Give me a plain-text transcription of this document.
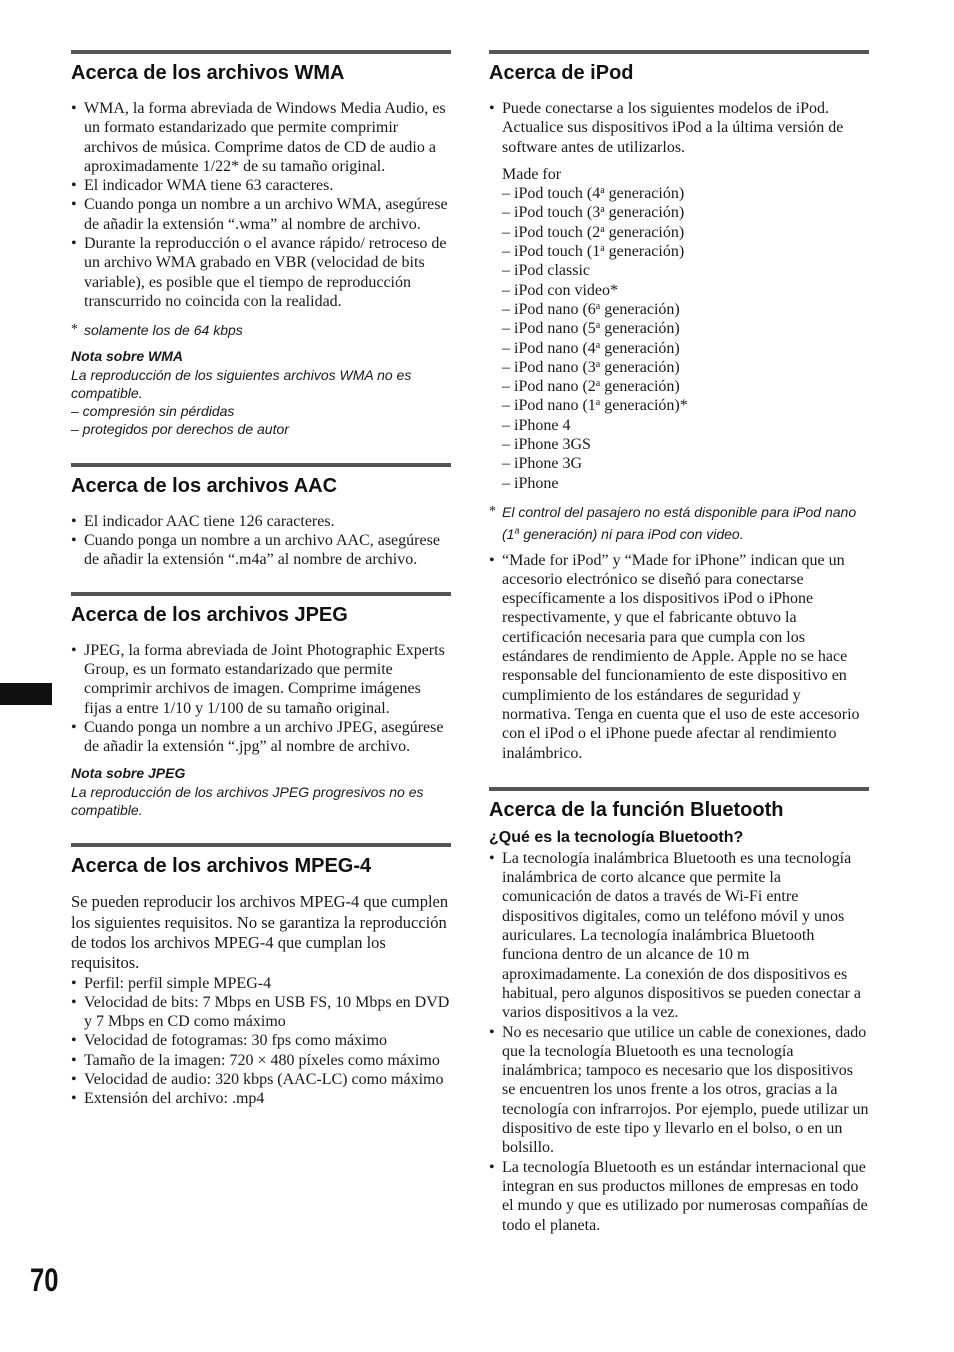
70
Acerca de los archivos WMA
• WMA, la forma abreviada de Windows Media Audio, es un formato estandarizado que permite comprimir archivos de música. Comprime datos de CD de audio a aproximadamente 1/22* de su tamaño original.
• El indicador WMA tiene 63 caracteres.
• Cuando ponga un nombre a un archivo WMA, asegúrese de añadir la extensión “.wma” al nombre de archivo.
• Durante la reproducción o el avance rápido/ retroceso de un archivo WMA grabado en VBR (velocidad de bits variable), es posible que el tiempo de reproducción transcurrido no coincida con la realidad.
* solamente los de 64 kbps
Nota sobre WMA
La reproducción de los siguientes archivos WMA no es compatible.
– compresión sin pérdidas
– protegidos por derechos de autor
Acerca de los archivos AAC
• El indicador AAC tiene 126 caracteres.
• Cuando ponga un nombre a un archivo AAC, asegúrese de añadir la extensión “.m4a” al nombre de archivo.
Acerca de los archivos JPEG
• JPEG, la forma abreviada de Joint Photographic Experts Group, es un formato estandarizado que permite comprimir archivos de imagen. Comprime imágenes fijas a entre 1/10 y 1/100 de su tamaño original.
• Cuando ponga un nombre a un archivo JPEG, asegúrese de añadir la extensión “.jpg” al nombre de archivo.
Nota sobre JPEG
La reproducción de los archivos JPEG progresivos no es compatible.
Acerca de los archivos MPEG-4

Se pueden reproducir los archivos MPEG-4 que cumplen los siguientes requisitos. No se garantiza la reproducción de todos los archivos MPEG-4 que cumplan los requisitos.

• Perfil: perfil simple MPEG-4
• Velocidad de bits: 7 Mbps en USB FS, 10 Mbps en DVD y 7 Mbps en CD como máximo
• Velocidad de fotogramas: 30 fps como máximo
• Tamaño de la imagen: 720 × 480 píxeles como máximo
• Velocidad de audio: 320 kbps (AAC-LC) como máximo
• Extensión del archivo: .mp4
Acerca de iPod
• Puede conectarse a los siguientes modelos de iPod. Actualice sus dispositivos iPod a la última versión de software antes de utilizarlos.
Made for
– iPod touch (4$^a$ generación)
– iPod touch (3$^a$ generación)
– iPod touch (2$^a$ generación)
– iPod touch (1$^a$ generación)
– iPod classic
– iPod con video*
– iPod nano (6$^a$ generación)
– iPod nano (5$^a$ generación)
– iPod nano (4$^a$ generación)
– iPod nano (3$^a$ generación)
– iPod nano (2$^a$ generación)
– iPod nano (1$^a$ generación)*
– iPhone 4
– iPhone 3GS
– iPhone 3G
– iPhone
* El control del pasajero no está disponible para iPod nano (1$^a$ generación) ni para iPod con video.
• “Made for iPod” y “Made for iPhone” indican que un accesorio electrónico se diseñó para conectarse específicamente a los dispositivos iPod o iPhone respectivamente, y que el fabricante obtuvo la certificación necesaria para que cumpla con los estándares de rendimiento de Apple. Apple no se hace responsable del funcionamiento de este dispositivo en cumplimiento de los estándares de seguridad y normativa. Tenga en cuenta que el uso de este accesorio con el iPod o el iPhone puede afectar al rendimiento inalámbrico.
Acerca de la función Bluetooth
¿Qué es la tecnología Bluetooth?
• La tecnología inalámbrica Bluetooth es una tecnología inalámbrica de corto alcance que permite la comunicación de datos a través de Wi-Fi entre dispositivos digitales, como un teléfono móvil y unos auriculares. La tecnología inalámbrica Bluetooth funciona dentro de un alcance de 10 m aproximadamente. La conexión de dos dispositivos es habitual, pero algunos dispositivos se pueden conectar a varios dispositivos a la vez.
• No es necesario que utilice un cable de conexiones, dado que la tecnología Bluetooth es una tecnología inalámbrica; tampoco es necesario que los dispositivos se encuentren los unos frente a los otros, gracias a la tecnología con infrarrojos. Por ejemplo, puede utilizar un dispositivo de este tipo y llevarlo en el bolso, o en un bolsillo.
• La tecnología Bluetooth es un estándar internacional que integran en sus productos millones de empresas en todo el mundo y que es utilizado por numerosas compañías de todo el planeta.
